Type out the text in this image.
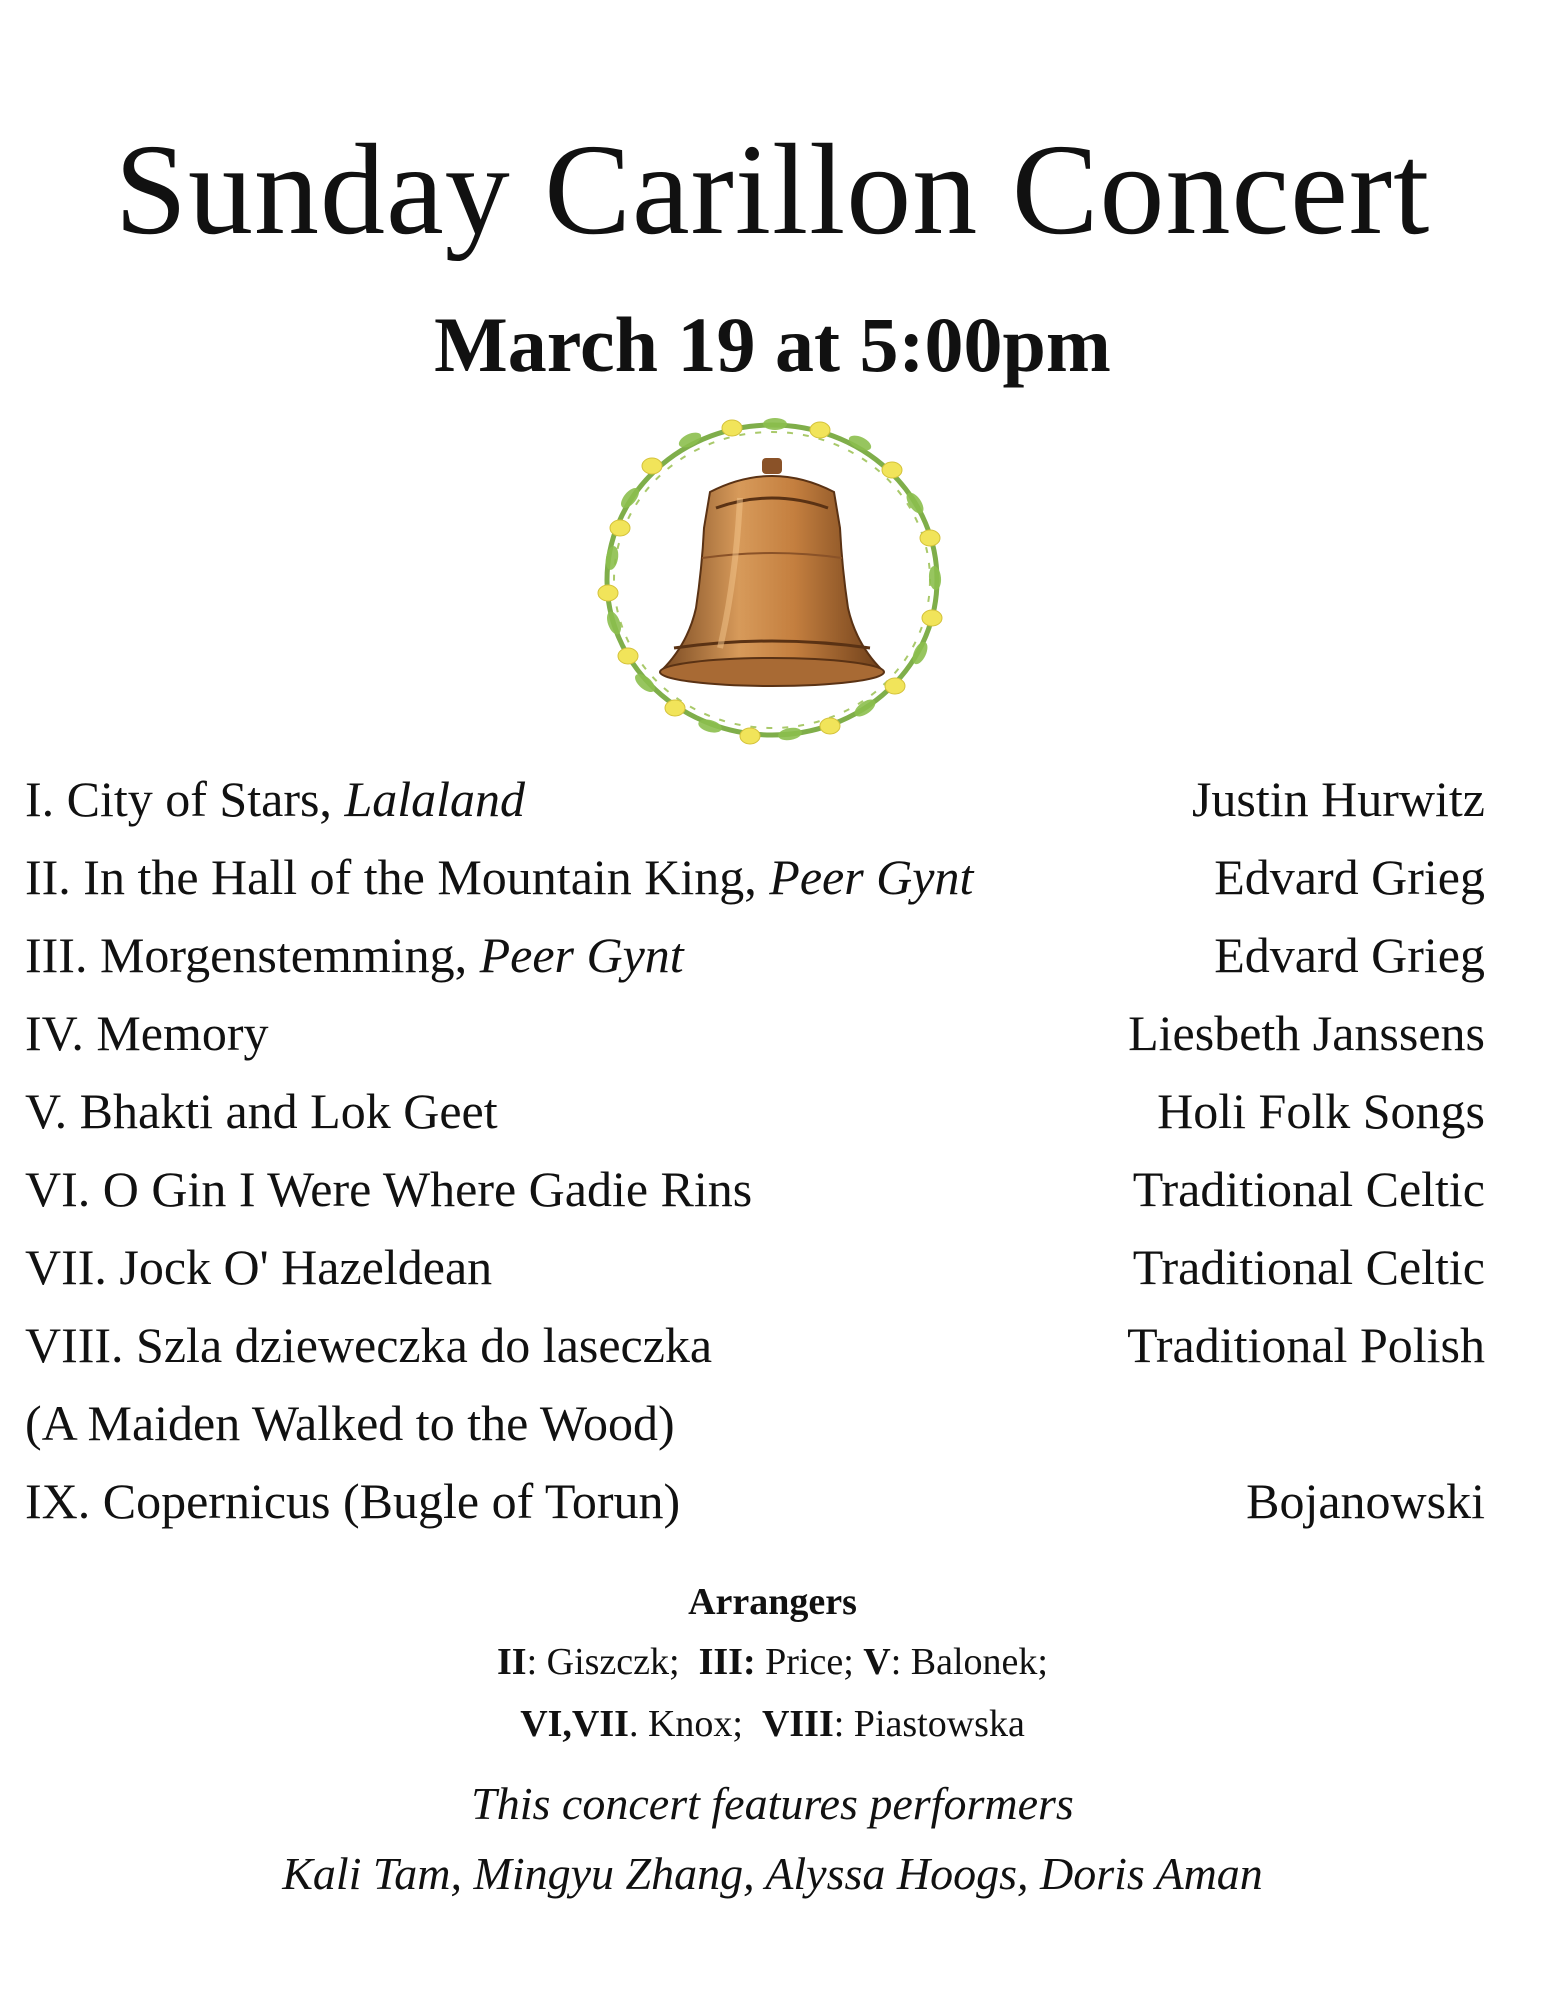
Sunday Carillon Concert
March 19 at 5:00pm
I. City of Stars, Lalaland	Justin Hurwitz
II. In the Hall of the Mountain King, Peer Gynt	Edvard Grieg
III. Morgenstemming, Peer Gynt	Edvard Grieg
IV. Memory	Liesbeth Janssens
V. Bhakti and Lok Geet	Holi Folk Songs
VI. O Gin I Were Where Gadie Rins	Traditional Celtic
VII. Jock O' Hazeldean	Traditional Celtic
VIII. Szla dzieweczka do laseczka	Traditional Polish
(A Maiden Walked to the Wood)
IX. Copernicus (Bugle of Torun)	Bojanowski
Arrangers
II: Giszczk;  III: Price; V: Balonek;
VI,VII. Knox;  VIII: Piastowska
This concert features performers
Kali Tam, Mingyu Zhang, Alyssa Hoogs, Doris Aman
